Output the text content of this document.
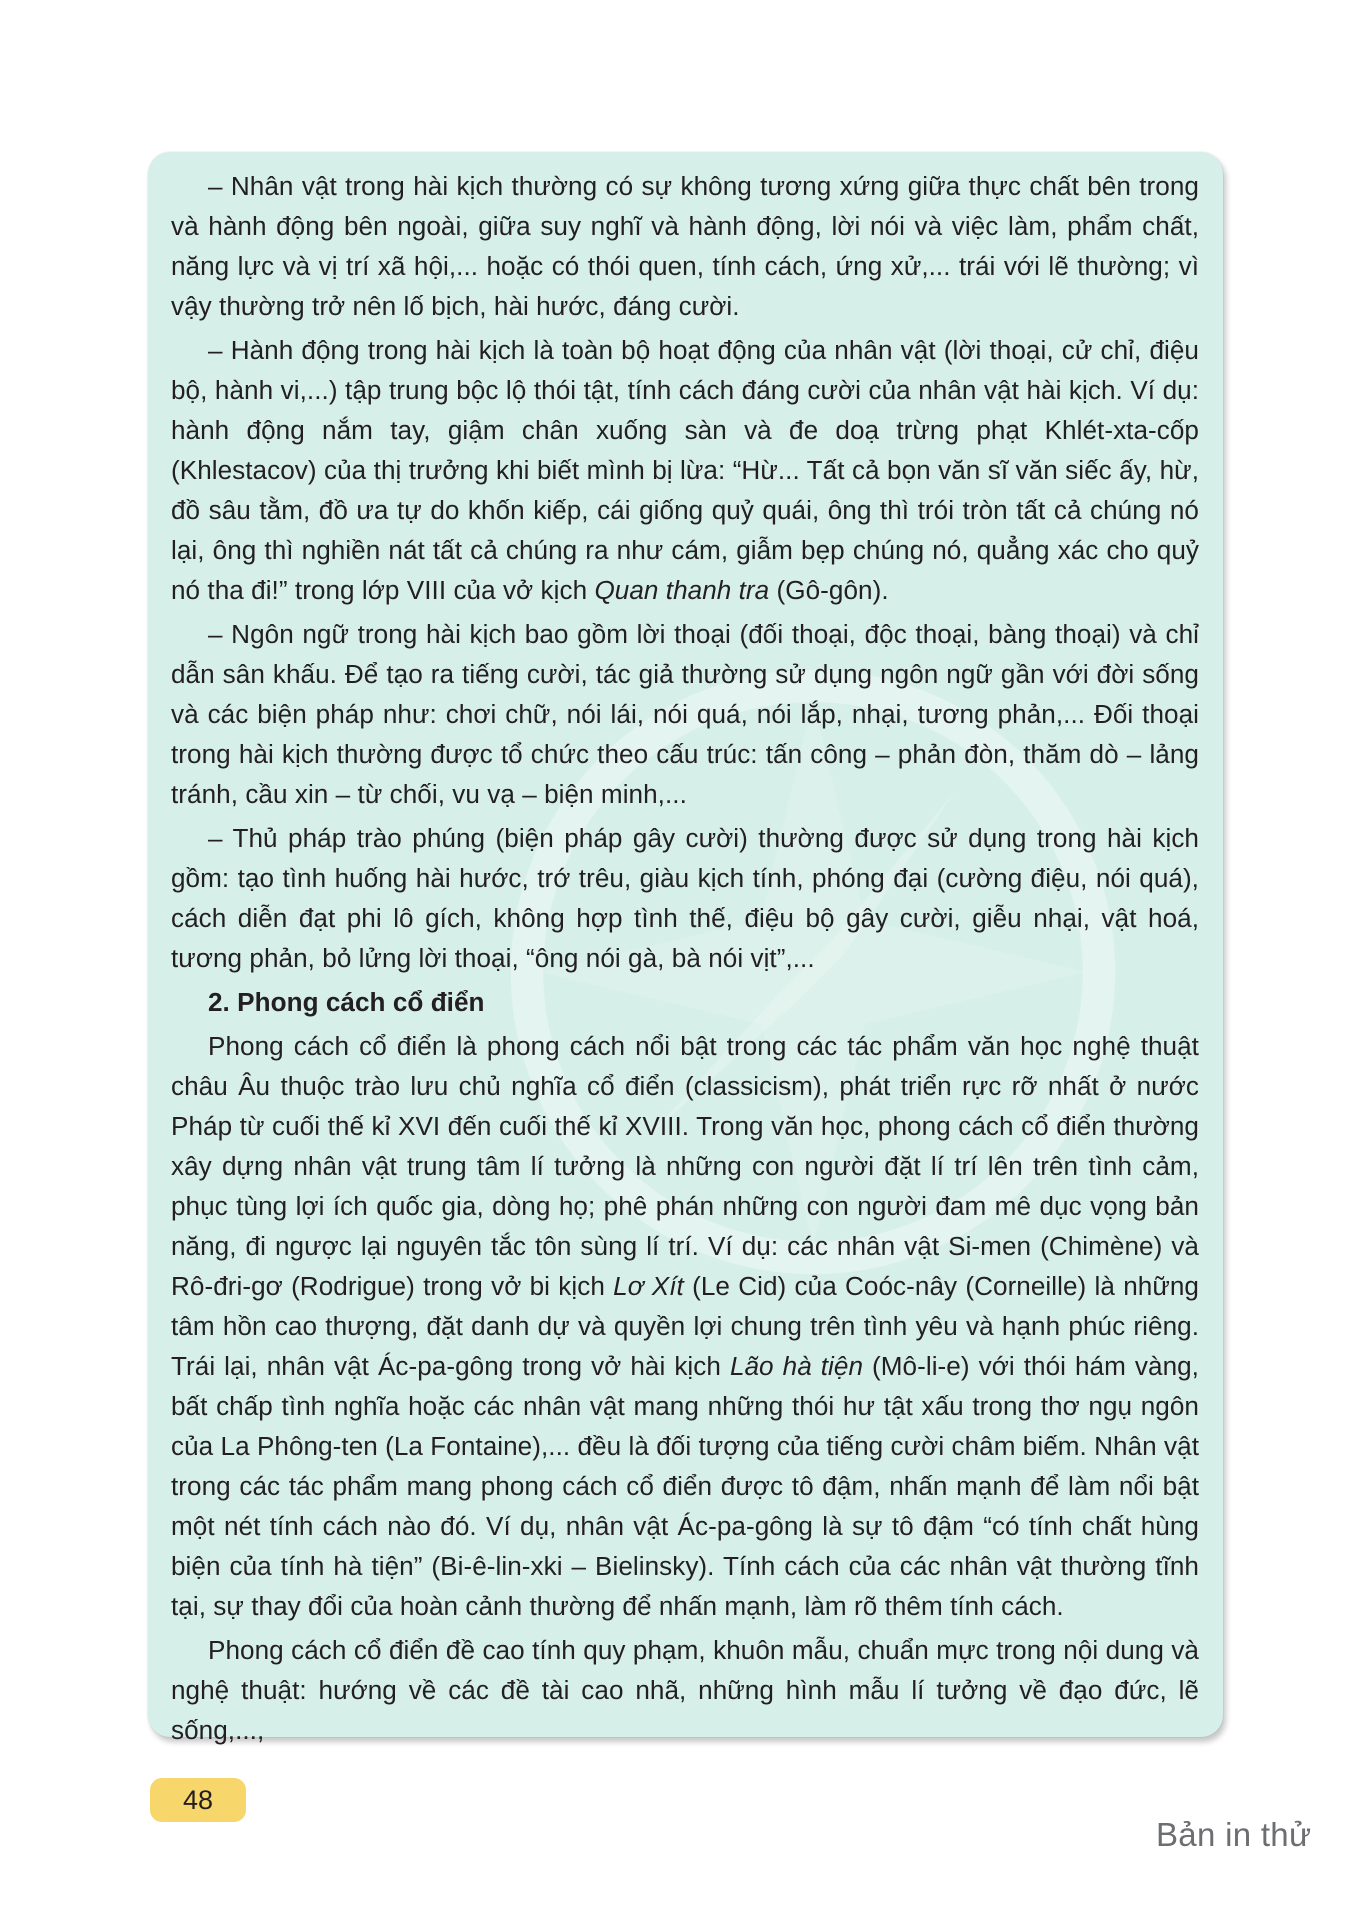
– Nhân vật trong hài kịch thường có sự không tương xứng giữa thực chất bên trong và hành động bên ngoài, giữa suy nghĩ và hành động, lời nói và việc làm, phẩm chất, năng lực và vị trí xã hội,... hoặc có thói quen, tính cách, ứng xử,... trái với lẽ thường; vì vậy thường trở nên lố bịch, hài hước, đáng cười.

– Hành động trong hài kịch là toàn bộ hoạt động của nhân vật (lời thoại, cử chỉ, điệu bộ, hành vi,...) tập trung bộc lộ thói tật, tính cách đáng cười của nhân vật hài kịch. Ví dụ: hành động nắm tay, giậm chân xuống sàn và đe doạ trừng phạt Khlét-xta-cốp (Khlestacov) của thị trưởng khi biết mình bị lừa: “Hừ... Tất cả bọn văn sĩ văn siếc ấy, hừ, đồ sâu tằm, đồ ưa tự do khốn kiếp, cái giống quỷ quái, ông thì trói tròn tất cả chúng nó lại, ông thì nghiền nát tất cả chúng ra như cám, giẫm bẹp chúng nó, quẳng xác cho quỷ nó tha đi!” trong lớp VIII của vở kịch Quan thanh tra (Gô-gôn).

– Ngôn ngữ trong hài kịch bao gồm lời thoại (đối thoại, độc thoại, bàng thoại) và chỉ dẫn sân khấu. Để tạo ra tiếng cười, tác giả thường sử dụng ngôn ngữ gần với đời sống và các biện pháp như: chơi chữ, nói lái, nói quá, nói lắp, nhại, tương phản,... Đối thoại trong hài kịch thường được tổ chức theo cấu trúc: tấn công – phản đòn, thăm dò – lảng tránh, cầu xin – từ chối, vu vạ – biện minh,...

– Thủ pháp trào phúng (biện pháp gây cười) thường được sử dụng trong hài kịch gồm: tạo tình huống hài hước, trớ trêu, giàu kịch tính, phóng đại (cường điệu, nói quá), cách diễn đạt phi lô gích, không hợp tình thế, điệu bộ gây cười, giễu nhại, vật hoá, tương phản, bỏ lửng lời thoại, “ông nói gà, bà nói vịt”,...

2. Phong cách cổ điển

Phong cách cổ điển là phong cách nổi bật trong các tác phẩm văn học nghệ thuật châu Âu thuộc trào lưu chủ nghĩa cổ điển (classicism), phát triển rực rỡ nhất ở nước Pháp từ cuối thế kỉ XVI đến cuối thế kỉ XVIII. Trong văn học, phong cách cổ điển thường xây dựng nhân vật trung tâm lí tưởng là những con người đặt lí trí lên trên tình cảm, phục tùng lợi ích quốc gia, dòng họ; phê phán những con người đam mê dục vọng bản năng, đi ngược lại nguyên tắc tôn sùng lí trí. Ví dụ: các nhân vật Si-men (Chimène) và Rô-đri-gơ (Rodrigue) trong vở bi kịch Lơ Xít (Le Cid) của Coóc-nây (Corneille) là những tâm hồn cao thượng, đặt danh dự và quyền lợi chung trên tình yêu và hạnh phúc riêng. Trái lại, nhân vật Ác-pa-gông trong vở hài kịch Lão hà tiện (Mô-li-e) với thói hám vàng, bất chấp tình nghĩa hoặc các nhân vật mang những thói hư tật xấu trong thơ ngụ ngôn của La Phông-ten (La Fontaine),... đều là đối tượng của tiếng cười châm biếm. Nhân vật trong các tác phẩm mang phong cách cổ điển được tô đậm, nhấn mạnh để làm nổi bật một nét tính cách nào đó. Ví dụ, nhân vật Ác-pa-gông là sự tô đậm “có tính chất hùng biện của tính hà tiện” (Bi-ê-lin-xki – Bielinsky). Tính cách của các nhân vật thường tĩnh tại, sự thay đổi của hoàn cảnh thường để nhấn mạnh, làm rõ thêm tính cách.

Phong cách cổ điển đề cao tính quy phạm, khuôn mẫu, chuẩn mực trong nội dung và nghệ thuật: hướng về các đề tài cao nhã, những hình mẫu lí tưởng về đạo đức, lẽ sống,...,

48
Bản in thử
